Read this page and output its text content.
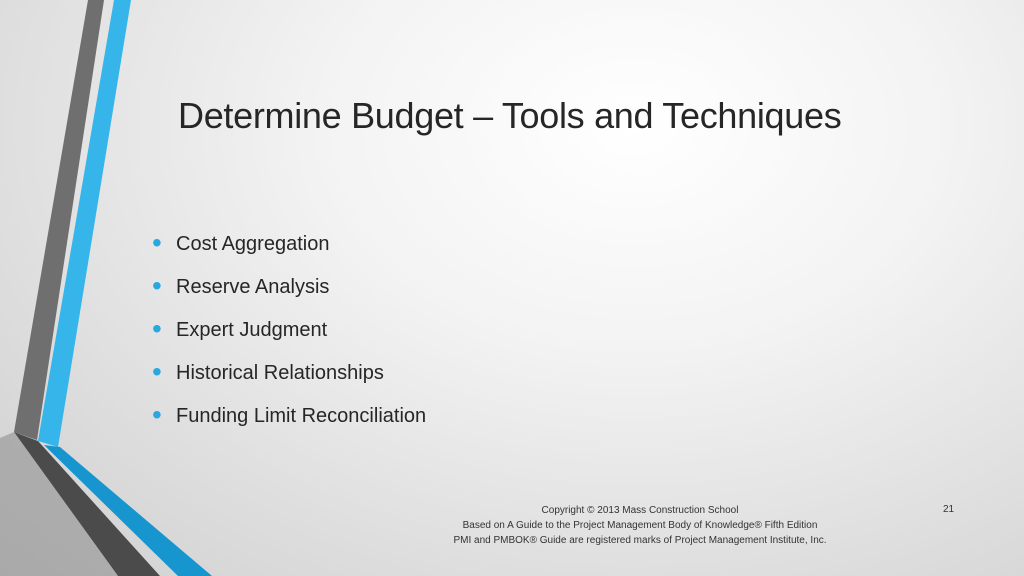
Determine Budget – Tools and Techniques
• Cost Aggregation
• Reserve Analysis
• Expert Judgment
• Historical Relationships
• Funding Limit Reconciliation
Copyright © 2013 Mass Construction School
Based on A Guide to the Project Management Body of Knowledge® Fifth Edition
PMI and PMBOK® Guide are registered marks of Project Management Institute, Inc.
21
